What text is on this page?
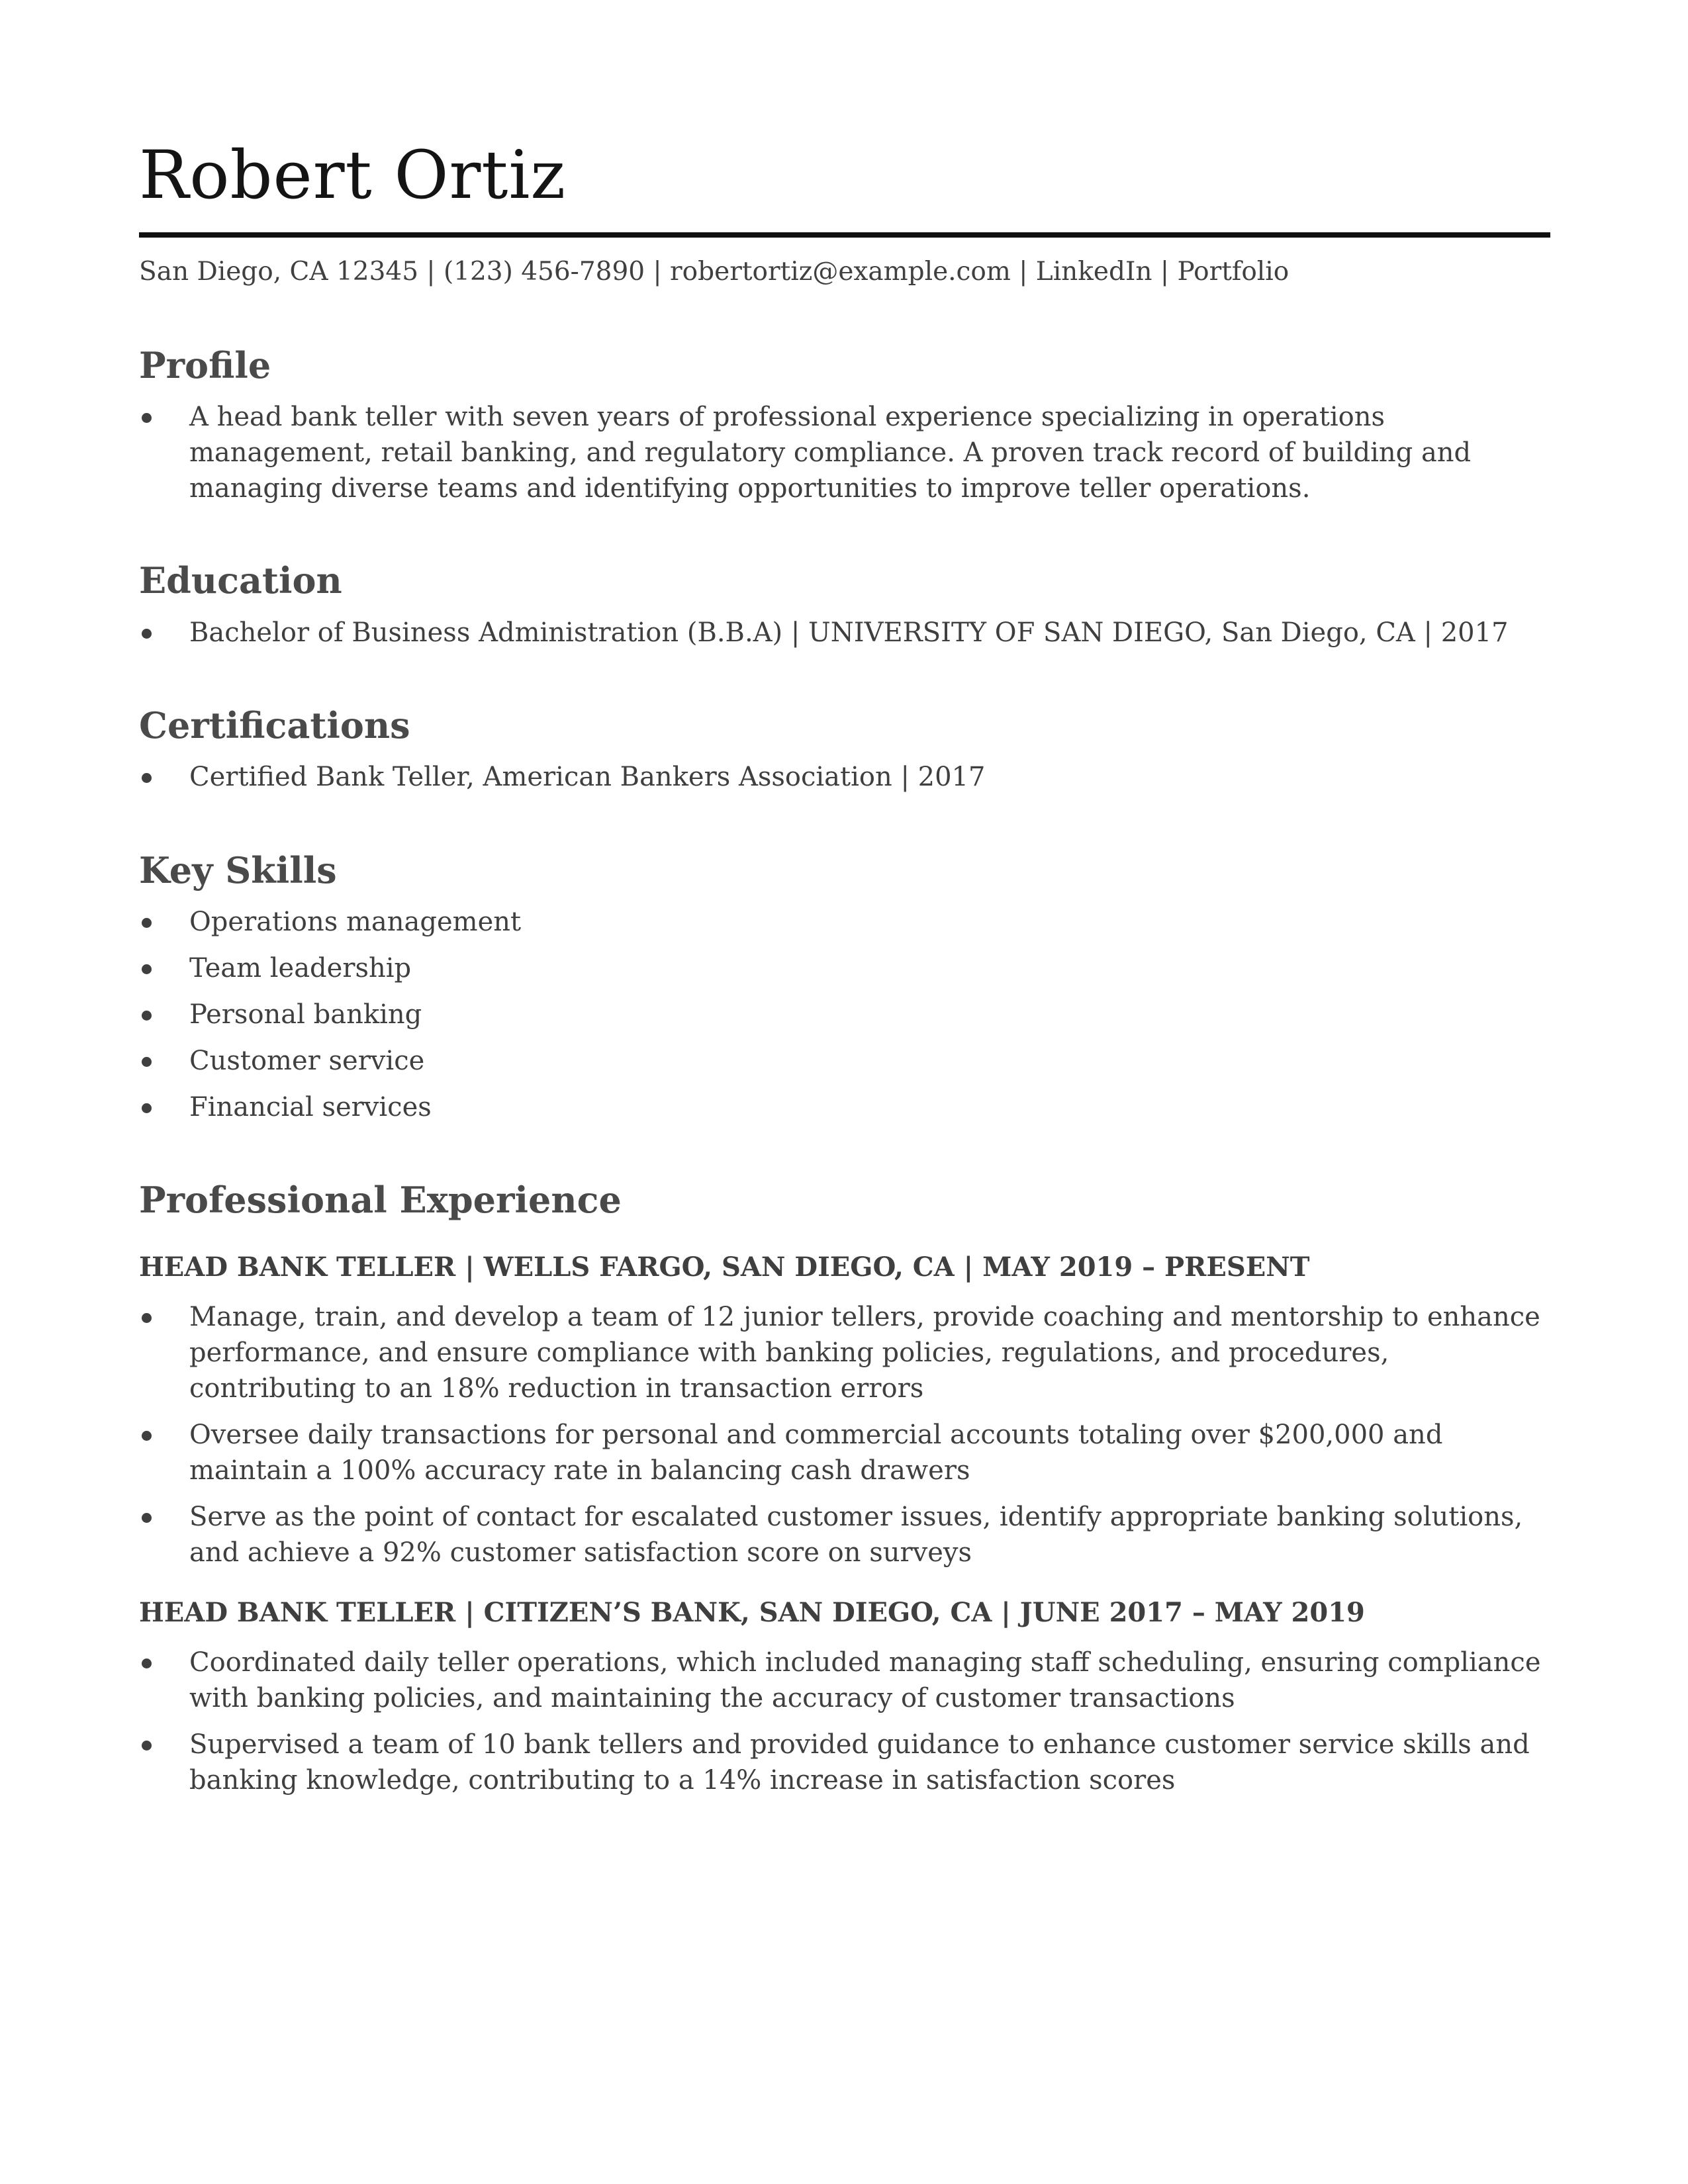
Robert Ortiz
San Diego, CA 12345 | (123) 456-7890 | robertortiz@example.com | LinkedIn | Portfolio
Profile
A head bank teller with seven years of professional experience specializing in operations management, retail banking, and regulatory compliance. A proven track record of building and managing diverse teams and identifying opportunities to improve teller operations.
Education
Bachelor of Business Administration (B.B.A) | UNIVERSITY OF SAN DIEGO, San Diego, CA | 2017
Certifications
Certified Bank Teller, American Bankers Association | 2017
Key Skills
Operations management
Team leadership
Personal banking
Customer service
Financial services
Professional Experience
HEAD BANK TELLER | WELLS FARGO, SAN DIEGO, CA | MAY 2019 – PRESENT
Manage, train, and develop a team of 12 junior tellers, provide coaching and mentorship to enhance performance, and ensure compliance with banking policies, regulations, and procedures, contributing to an 18% reduction in transaction errors
Oversee daily transactions for personal and commercial accounts totaling over $200,000 and maintain a 100% accuracy rate in balancing cash drawers
Serve as the point of contact for escalated customer issues, identify appropriate banking solutions, and achieve a 92% customer satisfaction score on surveys
HEAD BANK TELLER | CITIZEN’S BANK, SAN DIEGO, CA | JUNE 2017 – MAY 2019
Coordinated daily teller operations, which included managing staff scheduling, ensuring compliance with banking policies, and maintaining the accuracy of customer transactions
Supervised a team of 10 bank tellers and provided guidance to enhance customer service skills and banking knowledge, contributing to a 14% increase in satisfaction scores
